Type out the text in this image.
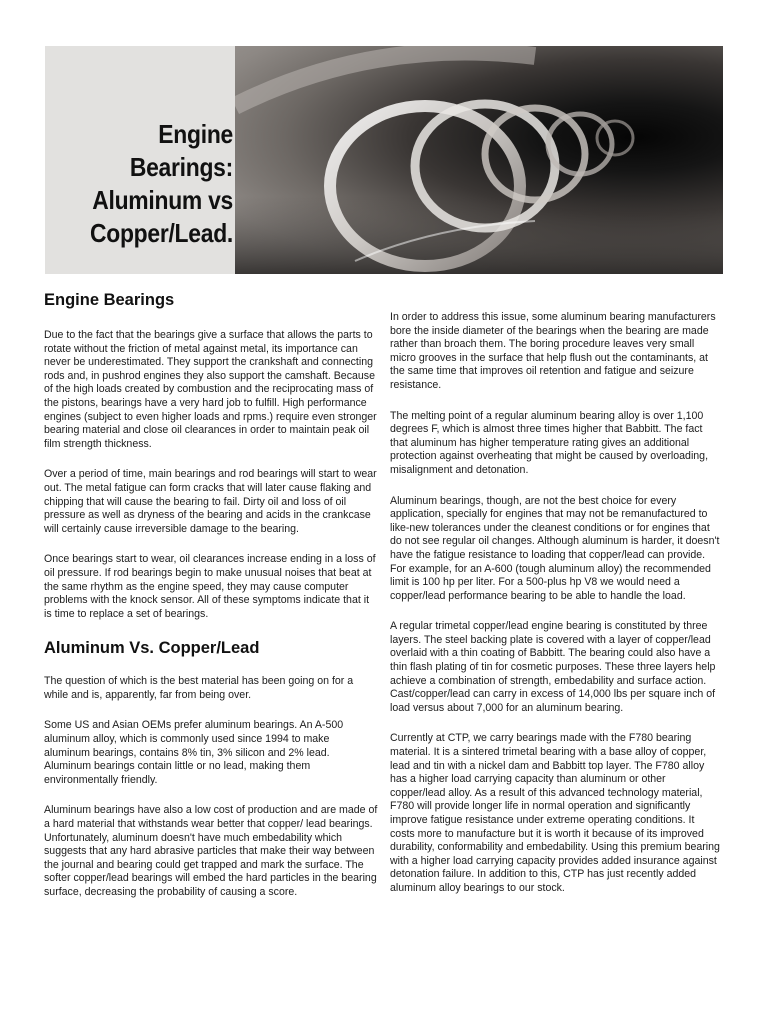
Engine
Bearings:
Aluminum vs
Copper/Lead.
Engine Bearings

Due to the fact that the bearings give a surface that allows the parts to rotate without the friction of metal against metal, its importance can never be underestimated. They support the crankshaft and connecting rods and, in pushrod engines they also support the camshaft. Because of the high loads created by combustion and the reciprocating mass of the pistons, bearings have a very hard job to fulfill. High performance engines (subject to even higher loads and rpms.) require even stronger bearing material and close oil clearances in order to maintain peak oil film strength thickness.

Over a period of time, main bearings and rod bearings will start to wear out. The metal fatigue can form cracks that will later cause flaking and chipping that will cause the bearing to fail. Dirty oil and loss of oil pressure as well as dryness of the bearing and acids in the crankcase will certainly cause irreversible damage to the bearing.

Once bearings start to wear, oil clearances increase ending in a loss of oil pressure. If rod bearings begin to make unusual noises that beat at the same rhythm as the engine speed, they may cause computer problems with the knock sensor. All of these symptoms indicate that it is time to replace a set of bearings.

Aluminum Vs. Copper/Lead

The question of which is the best material has been going on for a while and is, apparently, far from being over.

Some US and Asian OEMs prefer aluminum bearings. An A-500 aluminum alloy, which is commonly used since 1994 to make aluminum bearings, contains 8% tin, 3% silicon and 2% lead. Aluminum bearings contain little or no lead, making them environmentally friendly.

Aluminum bearings have also a low cost of production and are made of a hard material that withstands wear better that copper/ lead bearings. Unfortunately, aluminum doesn't have much embedability which suggests that any hard abrasive particles that make their way between the journal and bearing could get trapped and mark the surface. The softer copper/lead bearings will embed the hard particles in the bearing surface, decreasing the probability of causing a score.

In order to address this issue, some aluminum bearing manufacturers bore the inside diameter of the bearings when the bearing are made rather than broach them. The boring procedure leaves very small micro grooves in the surface that help flush out the contaminants, at the same time that improves oil retention and fatigue and seizure resistance.

The melting point of a regular aluminum bearing alloy is over 1,100 degrees F, which is almost three times higher that Babbitt. The fact that aluminum has higher temperature rating gives an additional protection against overheating that might be caused by overloading, misalignment and detonation.

Aluminum bearings, though, are not the best choice for every application, specially for engines that may not be remanufactured to like-new tolerances under the cleanest conditions or for engines that do not see regular oil changes. Although aluminum is harder, it doesn't have the fatigue resistance to loading that copper/lead can provide. For example, for an A-600 (tough aluminum alloy) the recommended limit is 100 hp per liter. For a 500-plus hp V8 we would need a copper/lead performance bearing to be able to handle the load.

A regular trimetal copper/lead engine bearing is constituted by three layers. The steel backing plate is covered with a layer of copper/lead overlaid with a thin coating of Babbitt. The bearing could also have a thin flash plating of tin for cosmetic purposes. These three layers help achieve a combination of strength, embedability and surface action. Cast/copper/lead can carry in excess of 14,000 lbs per square inch of load versus about 7,000 for an aluminum bearing.

Currently at CTP, we carry bearings made with the F780 bearing material. It is a sintered trimetal bearing with a base alloy of copper, lead and tin with a nickel dam and Babbitt top layer. The F780 alloy has a higher load carrying capacity than aluminum or other copper/lead alloy. As a result of this advanced technology material, F780 will provide longer life in normal operation and significantly improve fatigue resistance under extreme operating conditions. It costs more to manufacture but it is worth it because of its improved durability, conformability and embedability. Using this premium bearing with a higher load carrying capacity provides added insurance against detonation failure. In addition to this, CTP has just recently added aluminum alloy bearings to our stock.
